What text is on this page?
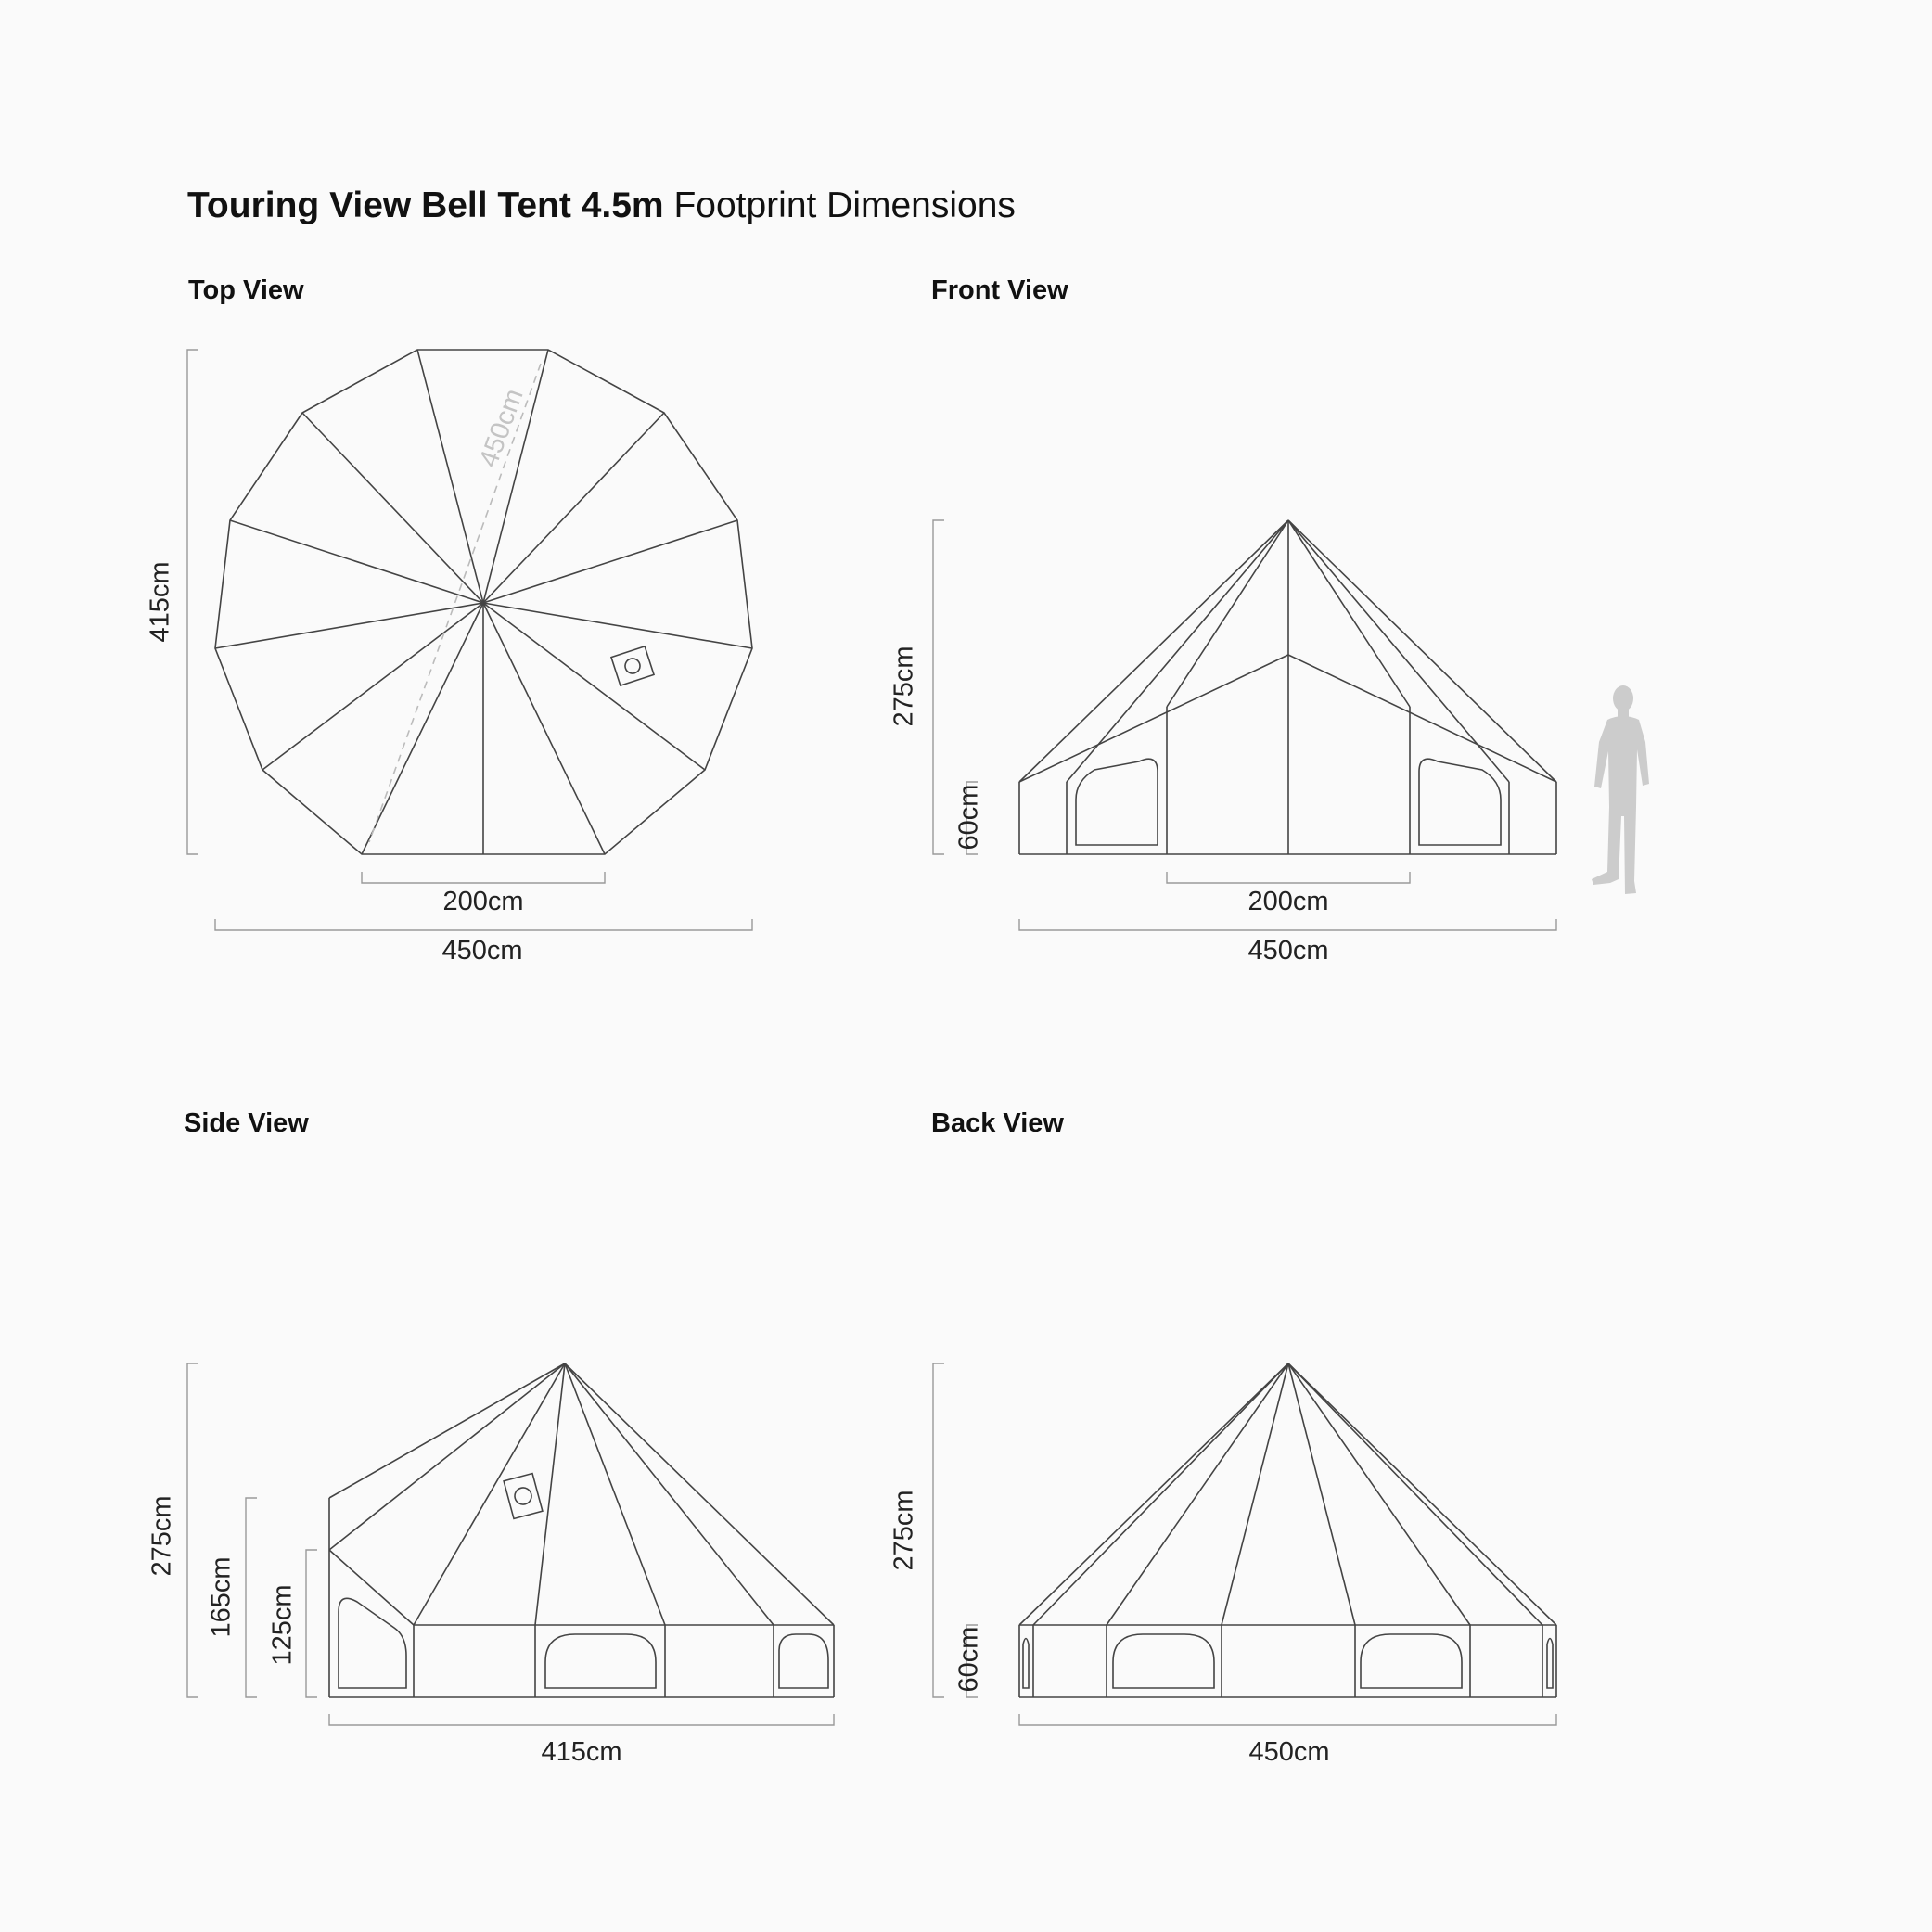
Touring View Bell Tent 4.5m Footprint Dimensions
Top View	Front View
Side View	Back View
415cm
450cm
200cm
450cm
275cm
60cm
200cm
450cm
275cm
165cm 125cm
415cm
275cm
60cm
450cm
